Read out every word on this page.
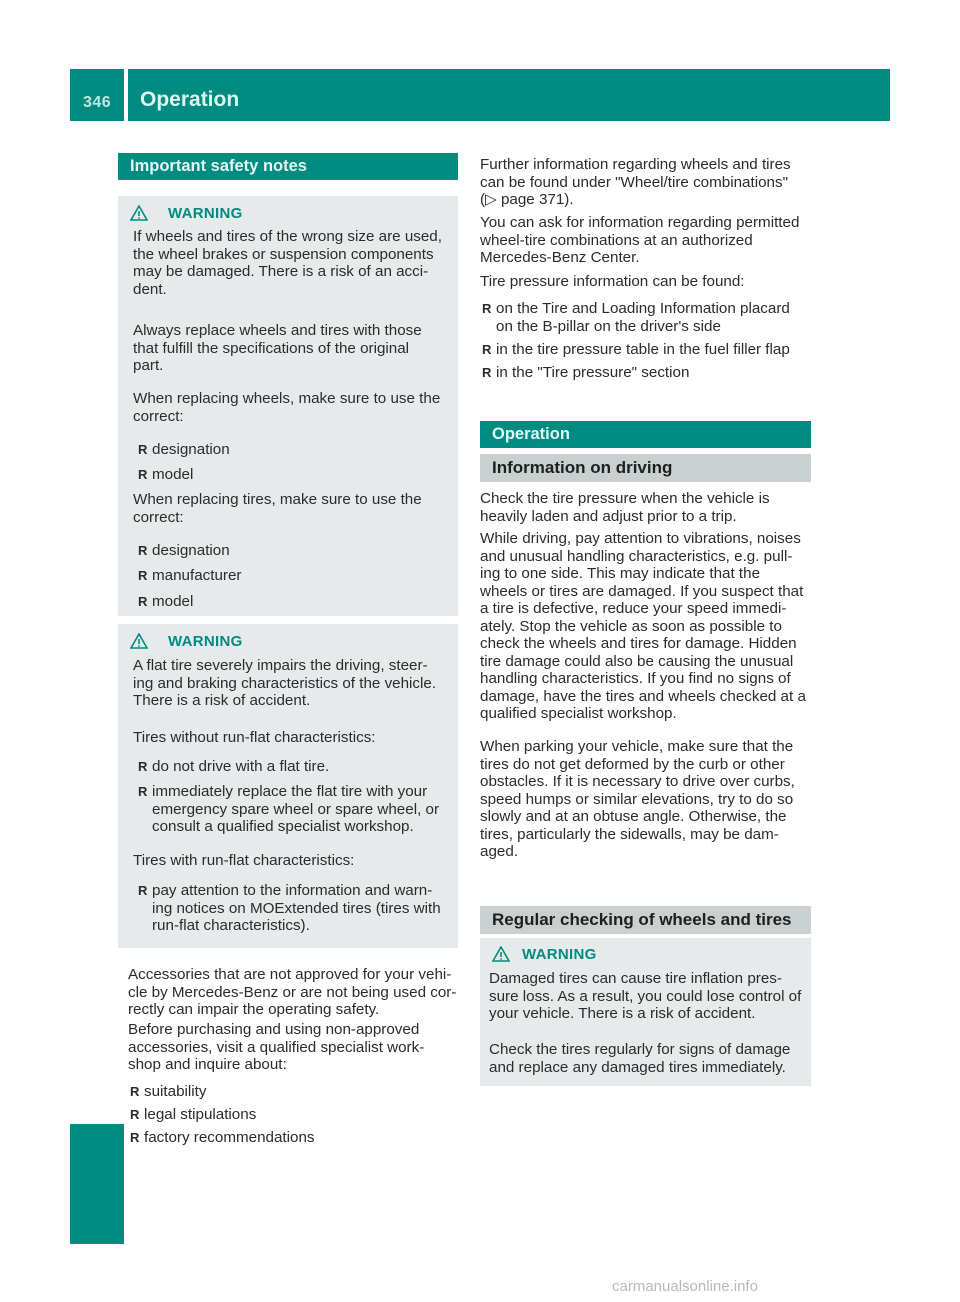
346 Operation
Wheels and tires
Important safety notes
WARNING
If wheels and tires of the wrong size are used,
the wheel brakes or suspension components
may be damaged. There is a risk of an acci-
dent.
Always replace wheels and tires with those
that fulfill the specifications of the original
part.
When replacing wheels, make sure to use the
correct:
R designation
R model
When replacing tires, make sure to use the
correct:
R designation
R manufacturer
R model
WARNING
A flat tire severely impairs the driving, steer-
ing and braking characteristics of the vehicle.
There is a risk of accident.
Tires without run-flat characteristics:
R do not drive with a flat tire.
R immediately replace the flat tire with your
emergency spare wheel or spare wheel, or
consult a qualified specialist workshop.
Tires with run-flat characteristics:
R pay attention to the information and warn-
ing notices on MOExtended tires (tires with
run-flat characteristics).
Accessories that are not approved for your vehi-
cle by Mercedes-Benz or are not being used cor-
rectly can impair the operating safety.
Before purchasing and using non-approved
accessories, visit a qualified specialist work-
shop and inquire about:
R suitability
R legal stipulations
R factory recommendations
Further information regarding wheels and tires
can be found under "Wheel/tire combinations"
(▷ page 371).
You can ask for information regarding permitted
wheel-tire combinations at an authorized
Mercedes-Benz Center.
Tire pressure information can be found:
R on the Tire and Loading Information placard
on the B-pillar on the driver's side
R in the tire pressure table in the fuel filler flap
R in the "Tire pressure" section
Operation
Information on driving
Check the tire pressure when the vehicle is
heavily laden and adjust prior to a trip.
While driving, pay attention to vibrations, noises
and unusual handling characteristics, e.g. pull-
ing to one side. This may indicate that the
wheels or tires are damaged. If you suspect that
a tire is defective, reduce your speed immedi-
ately. Stop the vehicle as soon as possible to
check the wheels and tires for damage. Hidden
tire damage could also be causing the unusual
handling characteristics. If you find no signs of
damage, have the tires and wheels checked at a
qualified specialist workshop.
When parking your vehicle, make sure that the
tires do not get deformed by the curb or other
obstacles. If it is necessary to drive over curbs,
speed humps or similar elevations, try to do so
slowly and at an obtuse angle. Otherwise, the
tires, particularly the sidewalls, may be dam-
aged.
Regular checking of wheels and tires
WARNING
Damaged tires can cause tire inflation pres-
sure loss. As a result, you could lose control of
your vehicle. There is a risk of accident.
Check the tires regularly for signs of damage
and replace any damaged tires immediately.
carmanualsonline.info
